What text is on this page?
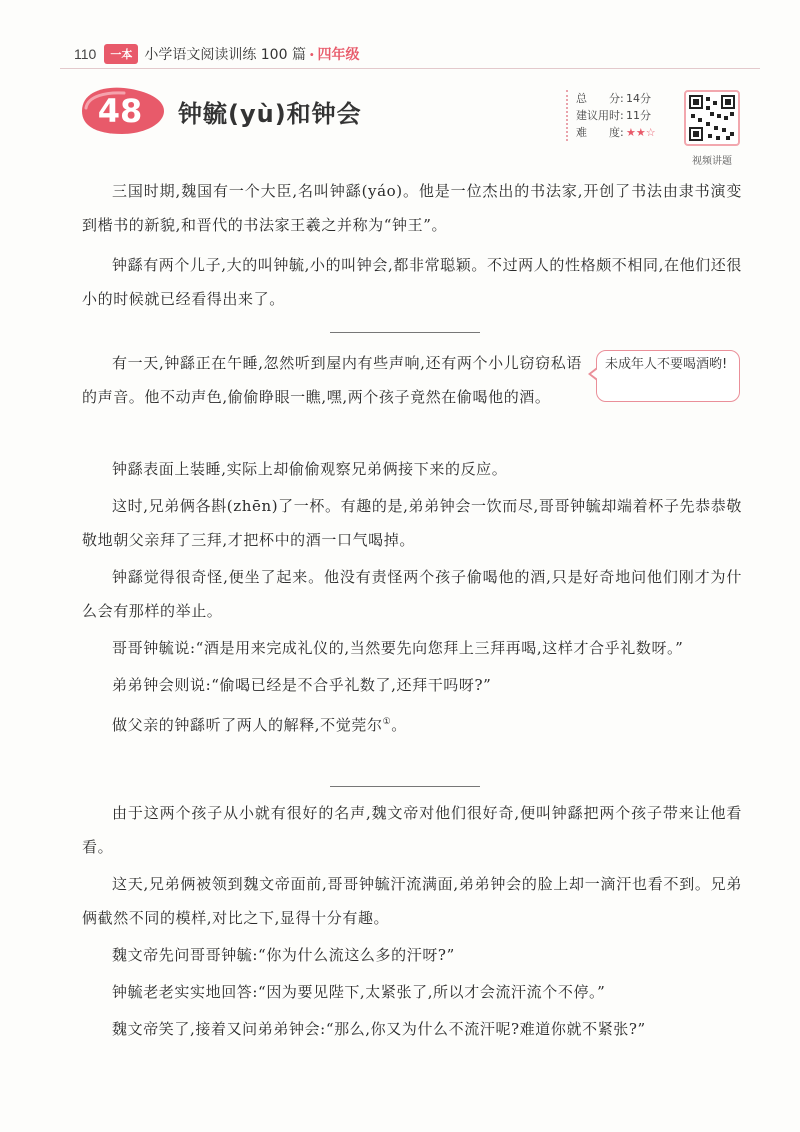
110	一本 小学语文阅读训练 100 篇 · 四年级
48	钟毓(yù)和钟会
总　　分: 14分
建议用时: 11分
难　　度: ★★☆
视频讲题

三国时期,魏国有一个大臣,名叫钟繇(yáo)。他是一位杰出的书法家,开创了书法由隶书演变到楷书的新貌,和晋代的书法家王羲之并称为“钟王”。

钟繇有两个儿子,大的叫钟毓,小的叫钟会,都非常聪颖。不过两人的性格颇不相同,在他们还很小的时候就已经看得出来了。

有一天,钟繇正在午睡,忽然听到屋内有些声响,还有两个小儿窃窃私语的声音。他不动声色,偷偷睁眼一瞧,嘿,两个孩子竟然在偷喝他的酒。

未成年人不要喝酒哟!

钟繇表面上装睡,实际上却偷偷观察兄弟俩接下来的反应。

这时,兄弟俩各斟(zhēn)了一杯。有趣的是,弟弟钟会一饮而尽,哥哥钟毓却端着杯子先恭恭敬敬地朝父亲拜了三拜,才把杯中的酒一口气喝掉。

钟繇觉得很奇怪,便坐了起来。他没有责怪两个孩子偷喝他的酒,只是好奇地问他们刚才为什么会有那样的举止。

哥哥钟毓说:“酒是用来完成礼仪的,当然要先向您拜上三拜再喝,这样才合乎礼数呀。”

弟弟钟会则说:“偷喝已经是不合乎礼数了,还拜干吗呀?”

做父亲的钟繇听了两人的解释,不觉莞尔①。

由于这两个孩子从小就有很好的名声,魏文帝对他们很好奇,便叫钟繇把两个孩子带来让他看看。

这天,兄弟俩被领到魏文帝面前,哥哥钟毓汗流满面,弟弟钟会的脸上却一滴汗也看不到。兄弟俩截然不同的模样,对比之下,显得十分有趣。

魏文帝先问哥哥钟毓:“你为什么流这么多的汗呀?”

钟毓老老实实地回答:“因为要见陛下,太紧张了,所以才会流汗流个不停。”

魏文帝笑了,接着又问弟弟钟会:“那么,你又为什么不流汗呢?难道你就不紧张?”
